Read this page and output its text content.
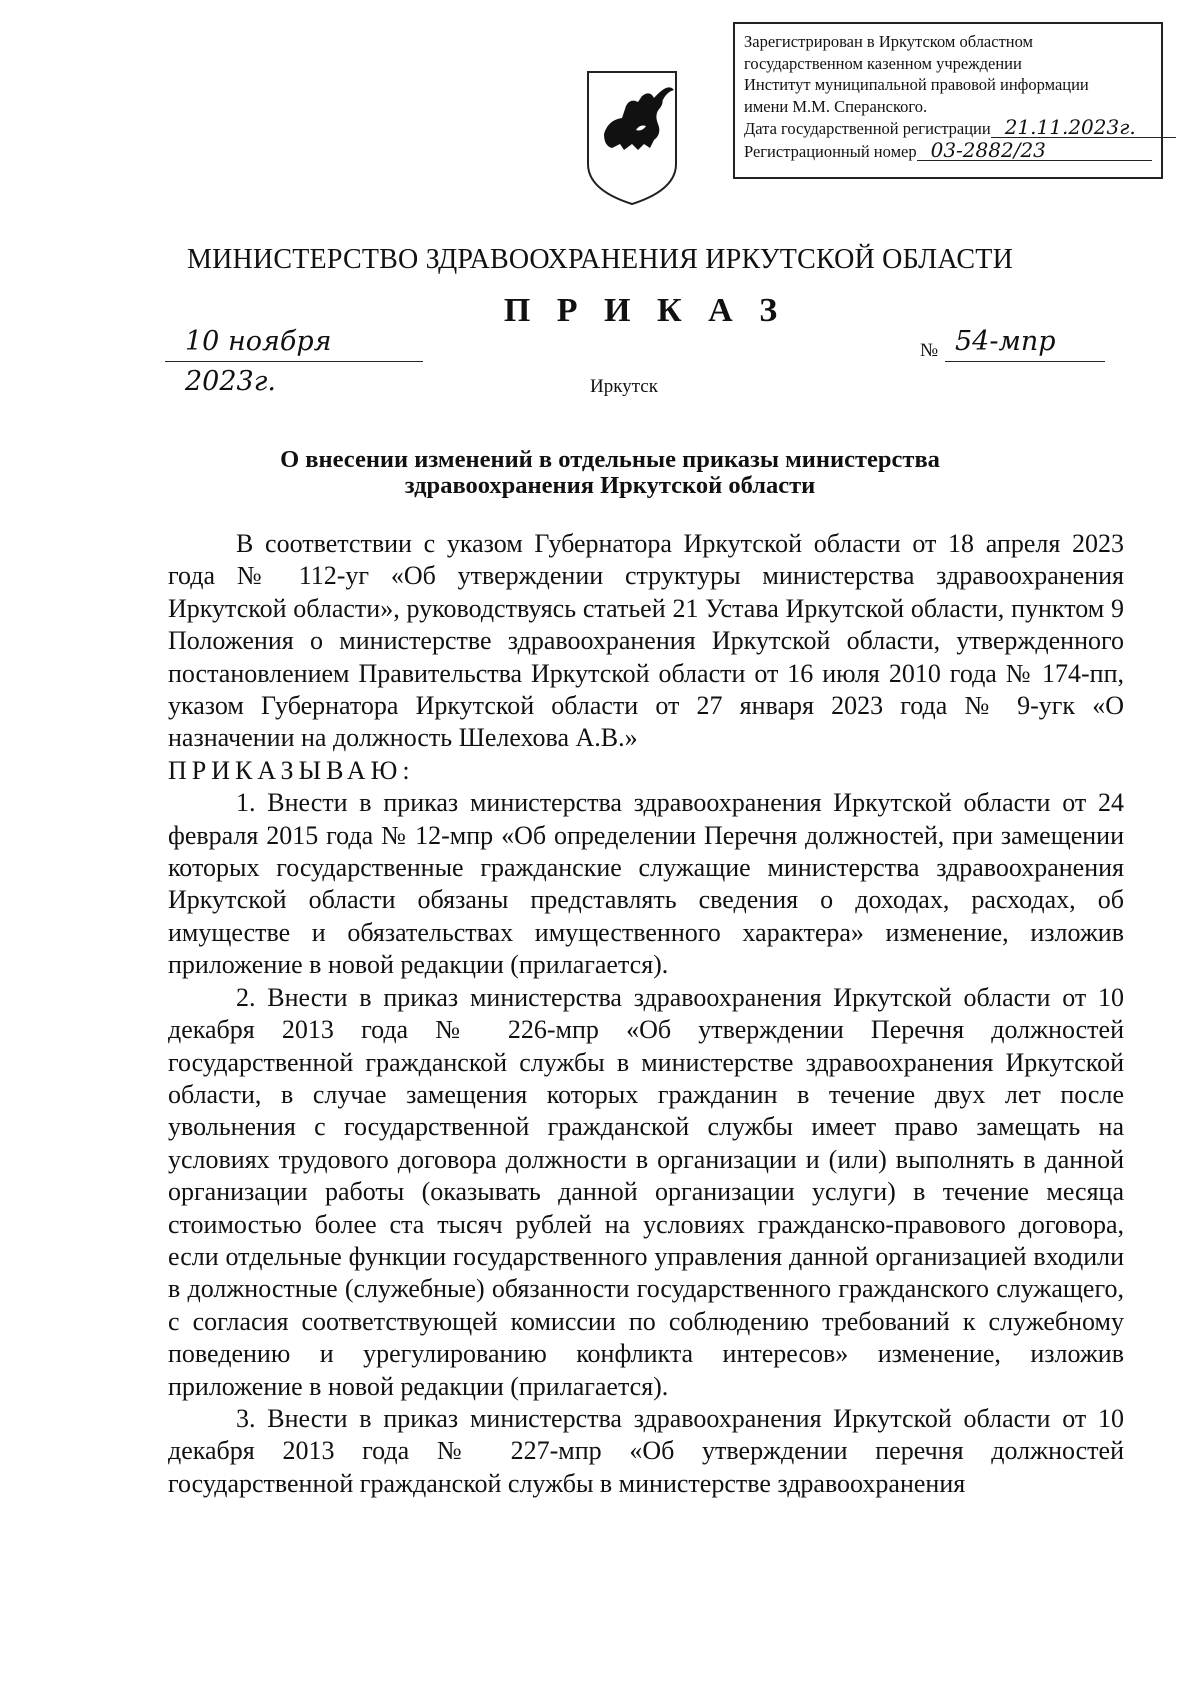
Зарегистрирован в Иркутском областном
государственном казенном учреждении
Институт муниципальной правовой информации
имени М.М. Сперанского.
Дата государственной регистрации 21.11.2023г.
Регистрационный номер 03-2882/23
МИНИСТЕРСТВО ЗДРАВООХРАНЕНИЯ ИРКУТСКОЙ ОБЛАСТИ
П Р И К А З
10 ноября 2023г.
№ 54-мпр
Иркутск
О внесении изменений в отдельные приказы министерства
здравоохранения Иркутской области

В соответствии с указом Губернатора Иркутской области от 18 апреля 2023 года № 112-уг «Об утверждении структуры министерства здравоохранения Иркутской области», руководствуясь статьей 21 Устава Иркутской области, пунктом 9 Положения о министерстве здравоохранения Иркутской области, утвержденного постановлением Правительства Иркутской области от 16 июля 2010 года № 174-пп, указом Губернатора Иркутской области от 27 января 2023 года № 9-угк «О назначении на должность Шелехова А.В.»

ПРИКАЗЫВАЮ:

1. Внести в приказ министерства здравоохранения Иркутской области от 24 февраля 2015 года № 12-мпр «Об определении Перечня должностей, при замещении которых государственные гражданские служащие министерства здравоохранения Иркутской области обязаны представлять сведения о доходах, расходах, об имуществе и обязательствах имущественного характера» изменение, изложив приложение в новой редакции (прилагается).

2. Внести в приказ министерства здравоохранения Иркутской области от 10 декабря 2013 года № 226-мпр «Об утверждении Перечня должностей государственной гражданской службы в министерстве здравоохранения Иркутской области, в случае замещения которых гражданин в течение двух лет после увольнения с государственной гражданской службы имеет право замещать на условиях трудового договора должности в организации и (или) выполнять в данной организации работы (оказывать данной организации услуги) в течение месяца стоимостью более ста тысяч рублей на условиях гражданско-правового договора, если отдельные функции государственного управления данной организацией входили в должностные (служебные) обязанности государственного гражданского служащего, с согласия соответствующей комиссии по соблюдению требований к служебному поведению и урегулированию конфликта интересов» изменение, изложив приложение в новой редакции (прилагается).

3. Внести в приказ министерства здравоохранения Иркутской области от 10 декабря 2013 года № 227-мпр «Об утверждении перечня должностей государственной гражданской службы в министерстве здравоохранения
